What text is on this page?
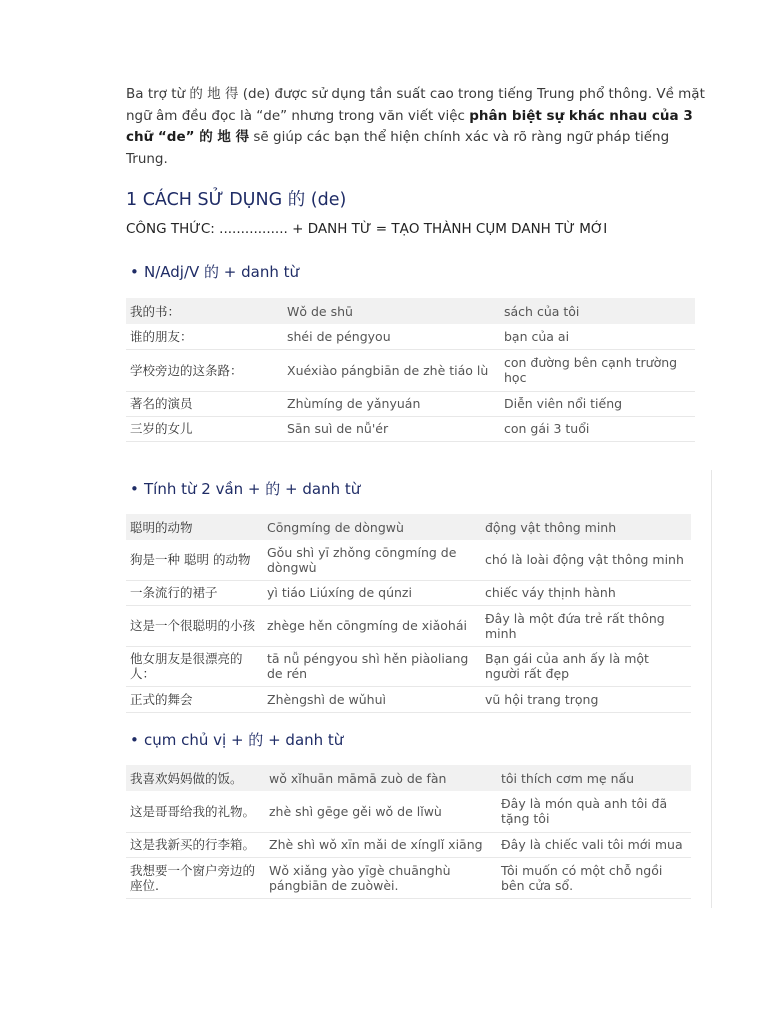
Ba trợ từ 的 地 得 (de) được sử dụng tần suất cao trong tiếng Trung phổ thông. Về mặt ngữ âm đều đọc là “de” nhưng trong văn viết việc phân biệt sự khác nhau của 3 chữ “de” 的 地 得 sẽ giúp các bạn thể hiện chính xác và rõ ràng ngữ pháp tiếng Trung.

1 CÁCH SỬ DỤNG 的 (de)

CÔNG THỨC: ................ + DANH TỪ = TẠO THÀNH CỤM DANH TỪ MỚI

• N/Adj/V 的 + danh từ

我的书：	Wǒ de shū	sách của tôi
谁的朋友：	shéi de péngyou	bạn của ai
学校旁边的这条路：	Xuéxiào pángbiān de zhè tiáo lù	con đường bên cạnh trường học
著名的演员	Zhùmíng de yǎnyuán	Diễn viên nổi tiếng
三岁的女儿	Sān suì de nǚ'ér	con gái 3 tuổi

• Tính từ 2 vần + 的 + danh từ

聪明的动物	Cōngmíng de dòngwù	động vật thông minh
狗是一种 聪明 的动物	Gǒu shì yī zhǒng cōngmíng de dòngwù	chó là loài động vật thông minh
一条流行的裙子	yì tiáo Liúxíng de qúnzi	chiếc váy thịnh hành
这是一个很聪明的小孩	zhège hěn cōngmíng de xiǎohái	Đây là một đứa trẻ rất thông minh
他女朋友是很漂亮的人：	tā nǚ péngyou shì hěn piàoliang de rén	Bạn gái của anh ấy là một người rất đẹp
正式的舞会	Zhèngshì de wǔhuì	vũ hội trang trọng

• cụm chủ vị + 的 + danh từ

我喜欢妈妈做的饭。	wǒ xǐhuān māmā zuò de fàn	tôi thích cơm mẹ nấu
这是哥哥给我的礼物。	zhè shì gēge gěi wǒ de lǐwù	Đây là món quà anh tôi đã tặng tôi
这是我新买的行李箱。	Zhè shì wǒ xīn mǎi de xínglǐ xiāng	Đây là chiếc vali tôi mới mua
我想要一个窗户旁边的座位.	Wǒ xiǎng yào yīgè chuānghù pángbiān de zuòwèi.	Tôi muốn có một chỗ ngồi bên cửa sổ.
